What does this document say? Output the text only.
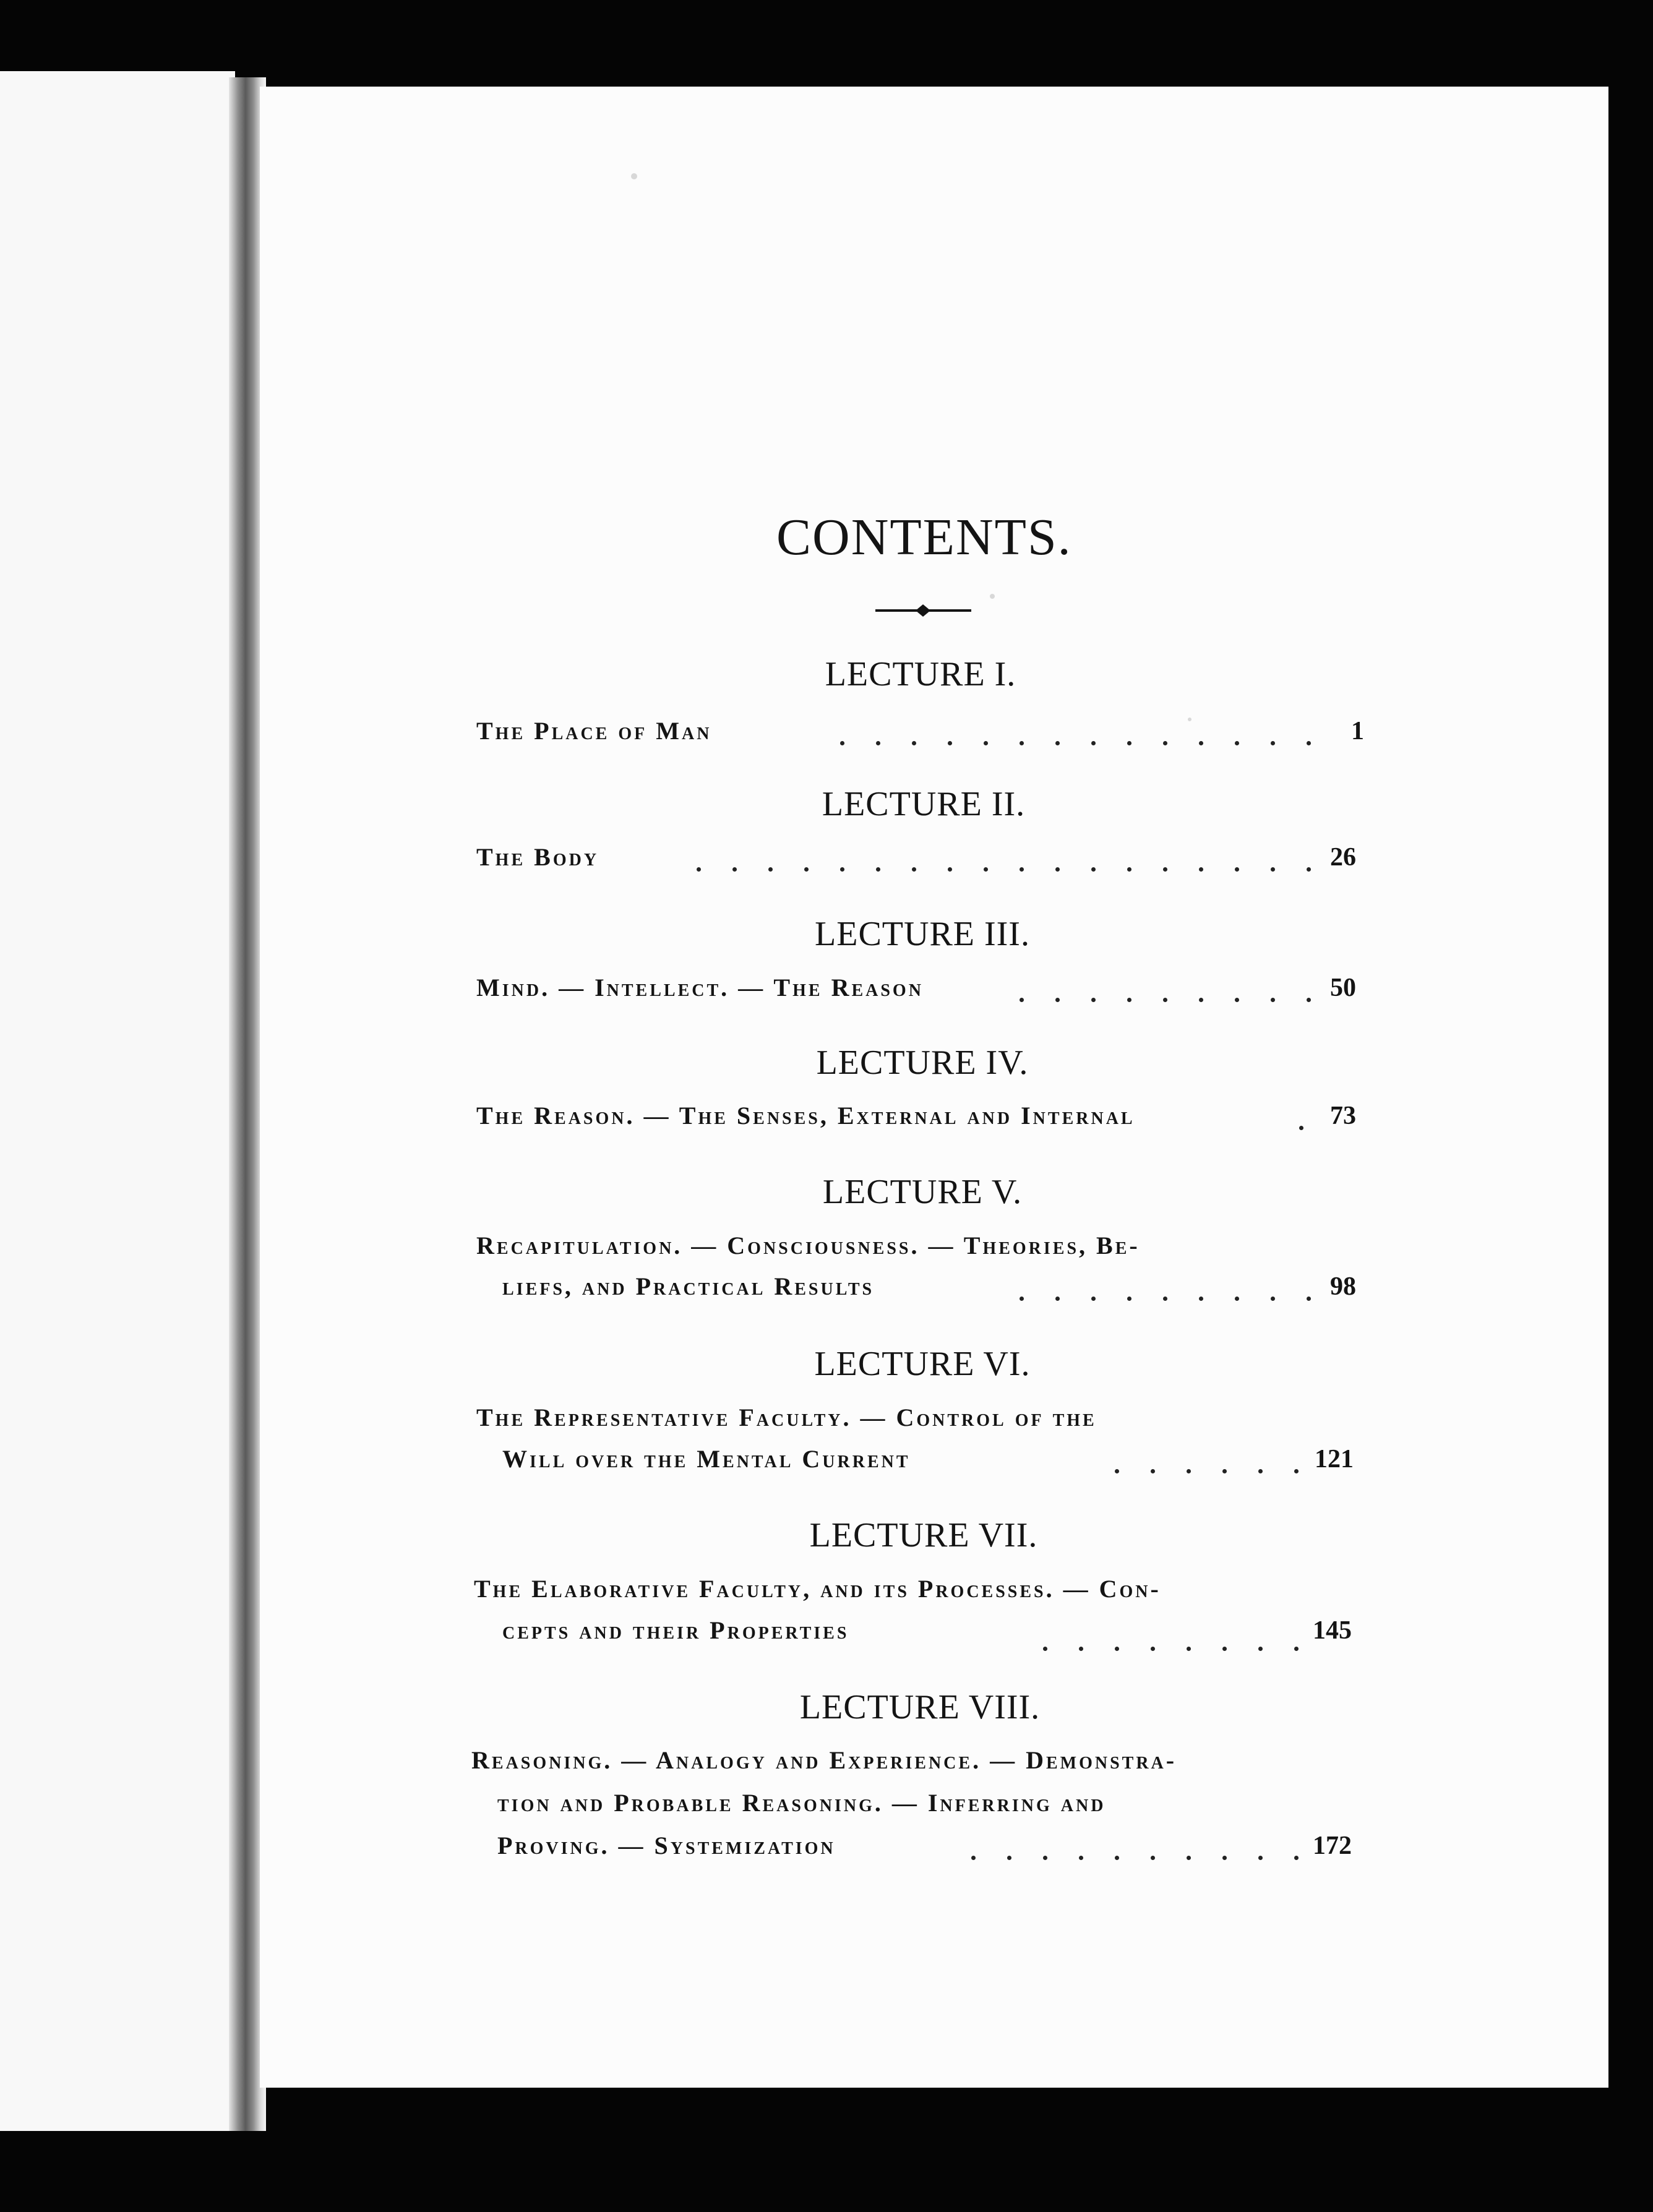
CONTENTS.
LECTURE I.
The Place of Man	1
LECTURE II.
The Body	26
LECTURE III.
Mind. — Intellect. — The Reason	50
LECTURE IV.
The Reason. — The Senses, External and Internal	73
LECTURE V.
Recapitulation. — Consciousness. — Theories, Be-
liefs, and Practical Results	98
LECTURE VI.
The Representative Faculty. — Control of the
Will over the Mental Current	121
LECTURE VII.
The Elaborative Faculty, and its Processes. — Con-
cepts and their Properties	145
LECTURE VIII.
Reasoning. — Analogy and Experience. — Demonstra-
tion and Probable Reasoning. — Inferring and
Proving. — Systemization	172
